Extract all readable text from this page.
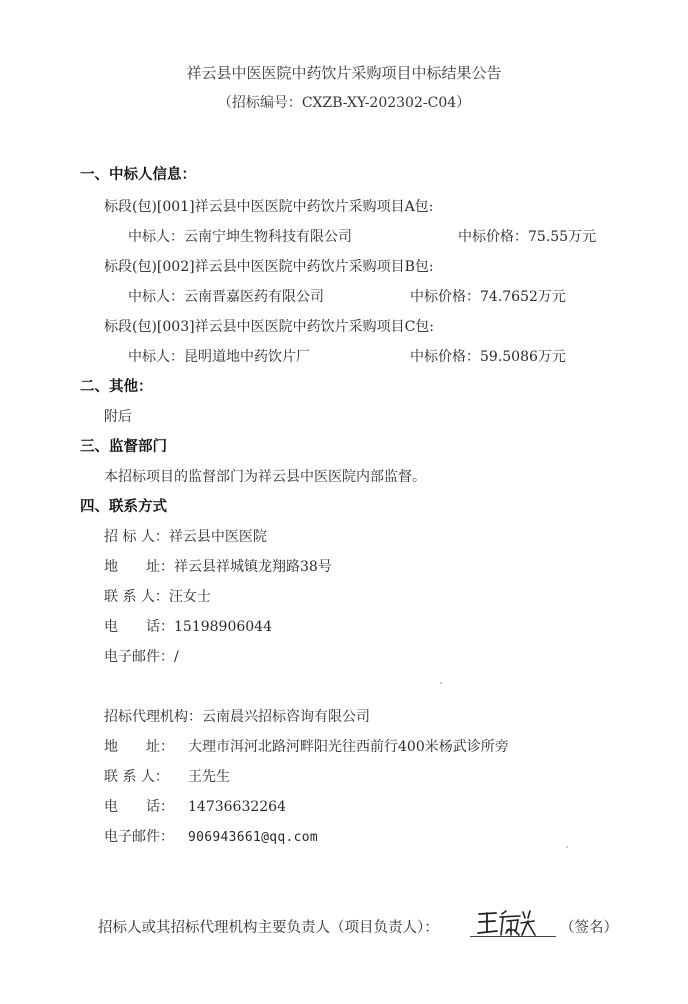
祥云县中医医院中药饮片采购项目中标结果公告
（招标编号：CXZB-XY-202302-C04）
一、中标人信息：
标段(包)[001]祥云县中医医院中药饮片采购项目A包:
中标人：云南宁坤生物科技有限公司	中标价格：75.55万元
标段(包)[002]祥云县中医医院中药饮片采购项目B包:
中标人：云南晋嘉医药有限公司	中标价格：74.7652万元
标段(包)[003]祥云县中医医院中药饮片采购项目C包:
中标人：昆明道地中药饮片厂	中标价格：59.5086万元
二、其他：
附后
三、监督部门
本招标项目的监督部门为祥云县中医医院内部监督。
四、联系方式
招 标 人：祥云县中医医院
地　　址：祥云县祥城镇龙翔路38号
联 系 人：汪女士
电　　话：15198906044
电子邮件：/
招标代理机构：云南晨兴招标咨询有限公司
地　　址： 大理市洱河北路河畔阳光往西前行400米杨武诊所旁
联 系 人： 王先生
电　　话： 14736632264
电子邮件： 906943661@qq.com
招标人或其招标代理机构主要负责人（项目负责人）：	（签名）
